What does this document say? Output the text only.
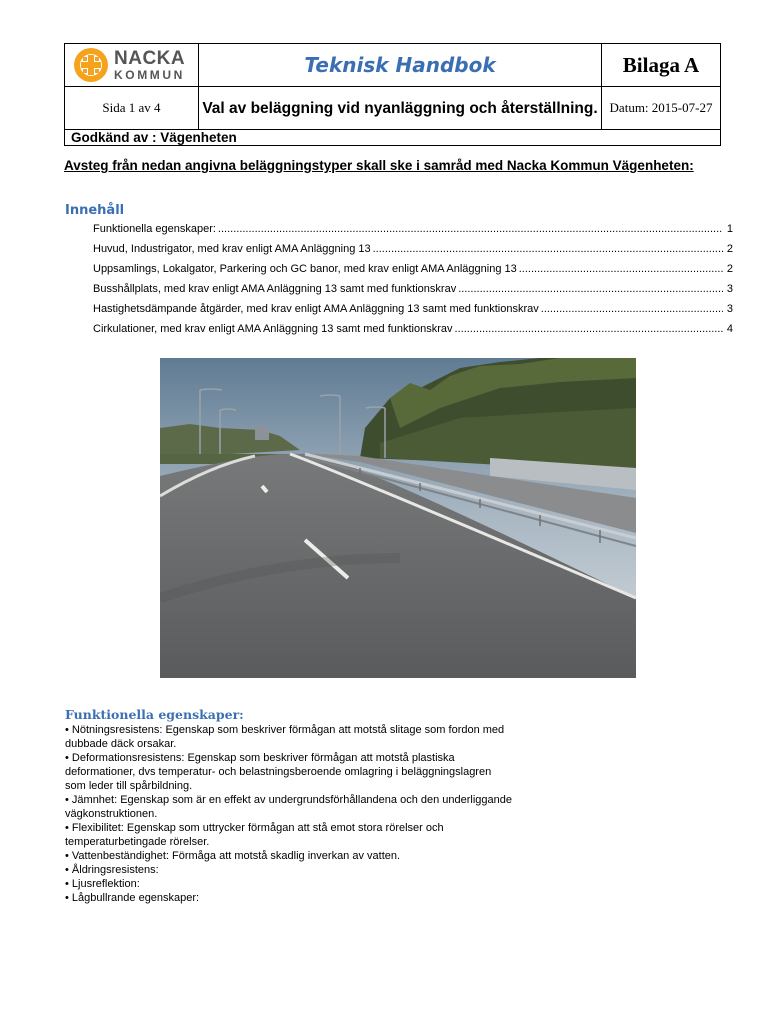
NACKA
KOMMUN	Teknisk Handbok	Bilaga A
Sida 1 av 4	Val av beläggning vid nyanläggning och återställning.	Datum: 2015-07-27
Godkänd av : Vägenheten		
Avsteg från nedan angivna beläggningstyper skall ske i samråd med Nacka Kommun Vägenheten:
Innehåll
Funktionella egenskaper: .....	1
Huvud, Industrigator, med krav enligt AMA Anläggning 13 .....	2
Uppsamlings, Lokalgator, Parkering och GC banor, med krav enligt AMA Anläggning 13 .....	2
Busshållplats, med krav enligt AMA Anläggning 13 samt med funktionskrav .....	3
Hastighetsdämpande åtgärder, med krav enligt AMA Anläggning 13 samt med funktionskrav .....	3
Cirkulationer, med krav enligt AMA Anläggning 13 samt med funktionskrav .....	4
Funktionella egenskaper:
• Nötningsresistens: Egenskap som beskriver förmågan att motstå slitage som fordon med
dubbade däck orsakar.
• Deformationsresistens: Egenskap som beskriver förmågan att motstå plastiska
deformationer, dvs temperatur- och belastningsberoende omlagring i beläggningslagren
som leder till spårbildning.
• Jämnhet: Egenskap som är en effekt av undergrundsförhållandena och den underliggande
vägkonstruktionen.
• Flexibilitet: Egenskap som uttrycker förmågan att stå emot stora rörelser och
temperaturbetingade rörelser.
• Vattenbeständighet: Förmåga att motstå skadlig inverkan av vatten.
• Åldringsresistens:
• Ljusreflektion:
• Lågbullrande egenskaper:
